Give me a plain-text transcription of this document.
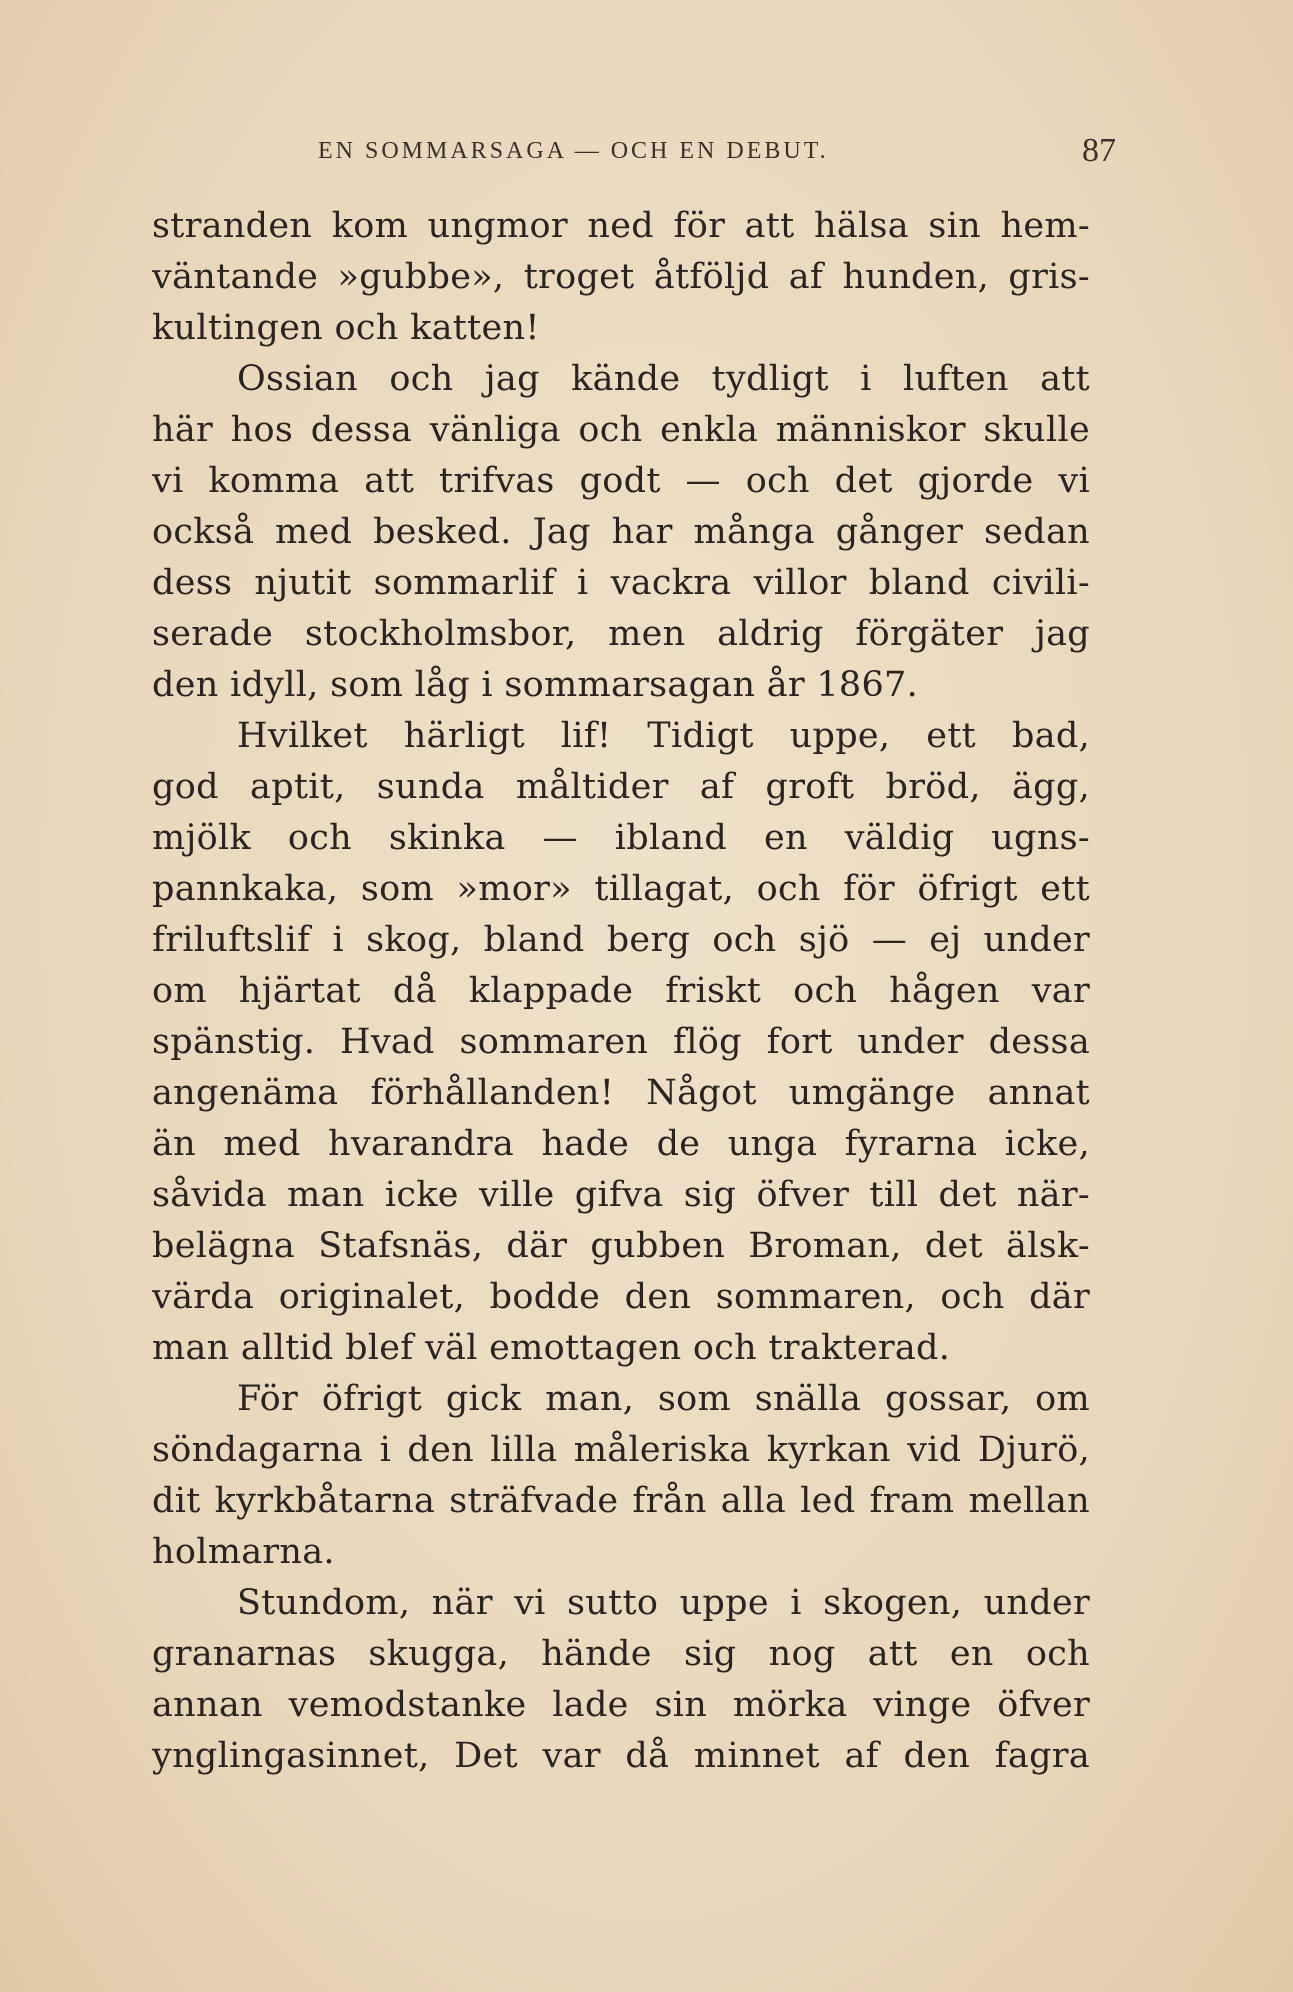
EN SOMMARSAGA — OCH EN DEBUT.	87
stranden kom ungmor ned för att hälsa sin hem-
väntande »gubbe», troget åtföljd af hunden, gris-
kultingen och katten!
Ossian och jag kände tydligt i luften att
här hos dessa vänliga och enkla människor skulle
vi komma att trifvas godt — och det gjorde vi
också med besked. Jag har många gånger sedan
dess njutit sommarlif i vackra villor bland civili-
serade stockholmsbor, men aldrig förgäter jag
den idyll, som låg i sommarsagan år 1867.
Hvilket härligt lif! Tidigt uppe, ett bad,
god aptit, sunda måltider af groft bröd, ägg,
mjölk och skinka — ibland en väldig ugns-
pannkaka, som »mor» tillagat, och för öfrigt ett
friluftslif i skog, bland berg och sjö — ej under
om hjärtat då klappade friskt och hågen var
spänstig. Hvad sommaren flög fort under dessa
angenäma förhållanden! Något umgänge annat
än med hvarandra hade de unga fyrarna icke,
såvida man icke ville gifva sig öfver till det när-
belägna Stafsnäs, där gubben Broman, det älsk-
värda originalet, bodde den sommaren, och där
man alltid blef väl emottagen och trakterad.
För öfrigt gick man, som snälla gossar, om
söndagarna i den lilla måleriska kyrkan vid Djurö,
dit kyrkbåtarna sträfvade från alla led fram mellan
holmarna.
Stundom, när vi sutto uppe i skogen, under
granarnas skugga, hände sig nog att en och
annan vemodstanke lade sin mörka vinge öfver
ynglingasinnet, Det var då minnet af den fagra
